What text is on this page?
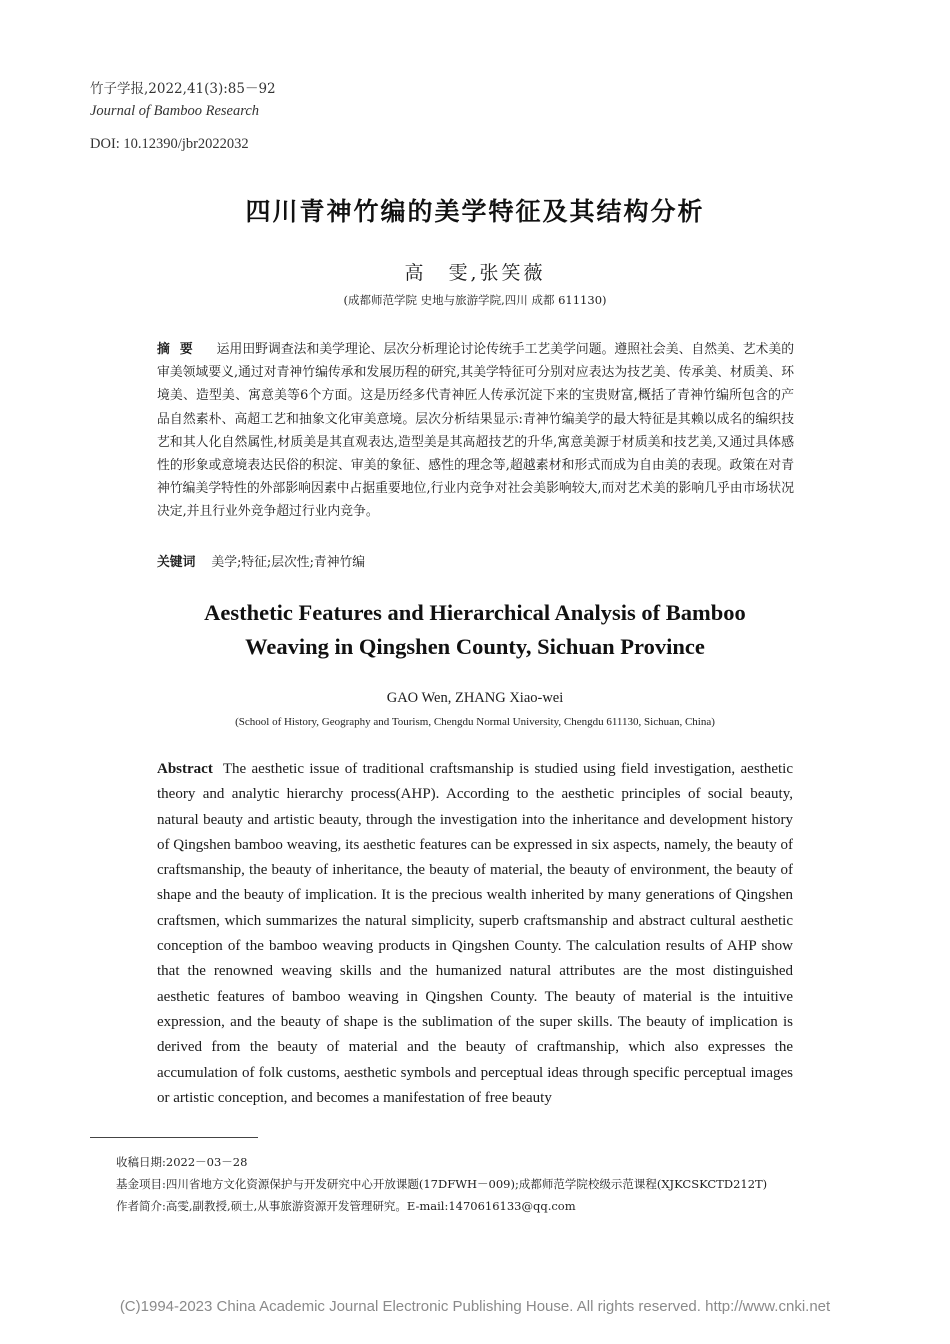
竹子学报,2022,41(3):85－92
Journal of Bamboo Research
DOI: 10.12390/jbr2022032
四川青神竹编的美学特征及其结构分析
高　雯,张笑薇
(成都师范学院 史地与旅游学院,四川 成都 611130)
摘要 运用田野调查法和美学理论、层次分析理论讨论传统手工艺美学问题。遵照社会美、自然美、艺术美的审美领域要义,通过对青神竹编传承和发展历程的研究,其美学特征可分别对应表达为技艺美、传承美、材质美、环境美、造型美、寓意美等6个方面。这是历经多代青神匠人传承沉淀下来的宝贵财富,概括了青神竹编所包含的产品自然素朴、高超工艺和抽象文化审美意境。层次分析结果显示:青神竹编美学的最大特征是其赖以成名的编织技艺和其人化自然属性,材质美是其直观表达,造型美是其高超技艺的升华,寓意美源于材质美和技艺美,又通过具体感性的形象或意境表达民俗的积淀、审美的象征、感性的理念等,超越素材和形式而成为自由美的表现。政策在对青神竹编美学特性的外部影响因素中占据重要地位,行业内竞争对社会美影响较大,而对艺术美的影响几乎由市场状况决定,并且行业外竞争超过行业内竞争。
关键词 美学;特征;层次性;青神竹编
Aesthetic Features and Hierarchical Analysis of Bamboo
Weaving in Qingshen County, Sichuan Province
GAO Wen, ZHANG Xiao-wei
(School of History, Geography and Tourism, Chengdu Normal University, Chengdu 611130, Sichuan, China)
Abstract The aesthetic issue of traditional craftsmanship is studied using field investigation, aesthetic theory and analytic hierarchy process(AHP). According to the aesthetic principles of social beauty, natural beauty and artistic beauty, through the investigation into the inheritance and development history of Qingshen bamboo weaving, its aesthetic features can be expressed in six aspects, namely, the beauty of craftsmanship, the beauty of inheritance, the beauty of material, the beauty of environment, the beauty of shape and the beauty of implication. It is the precious wealth inherited by many generations of Qingshen craftsmen, which summarizes the natural simplicity, superb craftsmanship and abstract cultural aesthetic conception of the bamboo weaving products in Qingshen County. The calculation results of AHP show that the renowned weaving skills and the humanized natural attributes are the most distinguished aesthetic features of bamboo weaving in Qingshen County. The beauty of material is the intuitive expression, and the beauty of shape is the sublimation of the super skills. The beauty of implication is derived from the beauty of material and the beauty of craftmanship, which also expresses the accumulation of folk customs, aesthetic symbols and perceptual ideas through specific perceptual images or artistic conception, and becomes a manifestation of free beauty
收稿日期:2022－03－28
基金项目:四川省地方文化资源保护与开发研究中心开放课题(17DFWH－009);成都师范学院校级示范课程(XJKCSKCTD212T)
作者简介:高雯,副教授,硕士,从事旅游资源开发管理研究。E-mail:1470616133@qq.com
(C)1994-2023 China Academic Journal Electronic Publishing House. All rights reserved. http://www.cnki.net
